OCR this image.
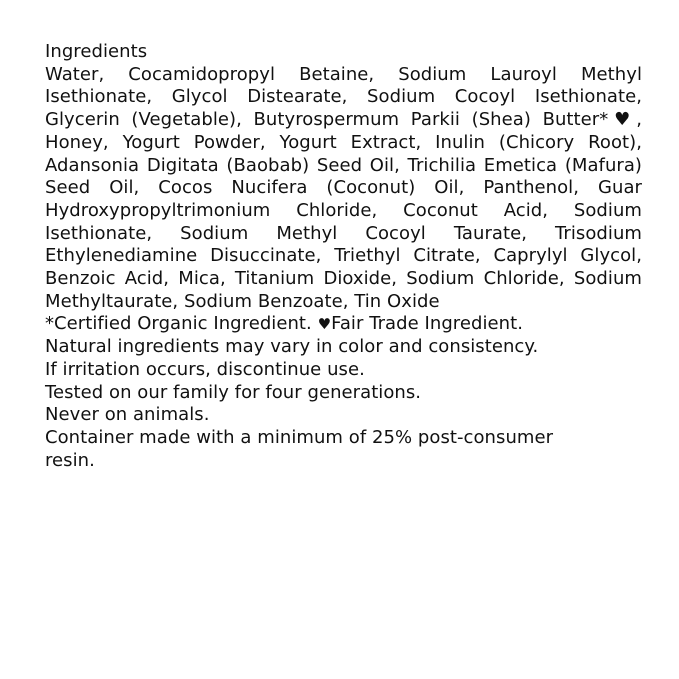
Ingredients

Water, Cocamidopropyl Betaine, Sodium Lauroyl Methyl Isethionate, Glycol Distearate, Sodium Cocoyl Isethionate, Glycerin (Vegetable), Butyrospermum Parkii (Shea) Butter*♥, Honey, Yogurt Powder, Yogurt Extract, Inulin (Chicory Root), Adansonia Digitata (Baobab) Seed Oil, Trichilia Emetica (Mafura) Seed Oil, Cocos Nucifera (Coconut) Oil, Panthenol, Guar Hydroxypropyltrimonium Chloride, Coconut Acid, Sodium Isethionate, Sodium Methyl Cocoyl Taurate, Trisodium Ethylenediamine Disuccinate, Triethyl Citrate, Caprylyl Glycol, Benzoic Acid, Mica, Titanium Dioxide, Sodium Chloride, Sodium Methyltaurate, Sodium Benzoate, Tin Oxide

*Certified Organic Ingredient. ♥Fair Trade Ingredient.

Natural ingredients may vary in color and consistency.

If irritation occurs, discontinue use.

Tested on our family for four generations.

Never on animals.

Container made with a minimum of 25% post-consumer

resin.
